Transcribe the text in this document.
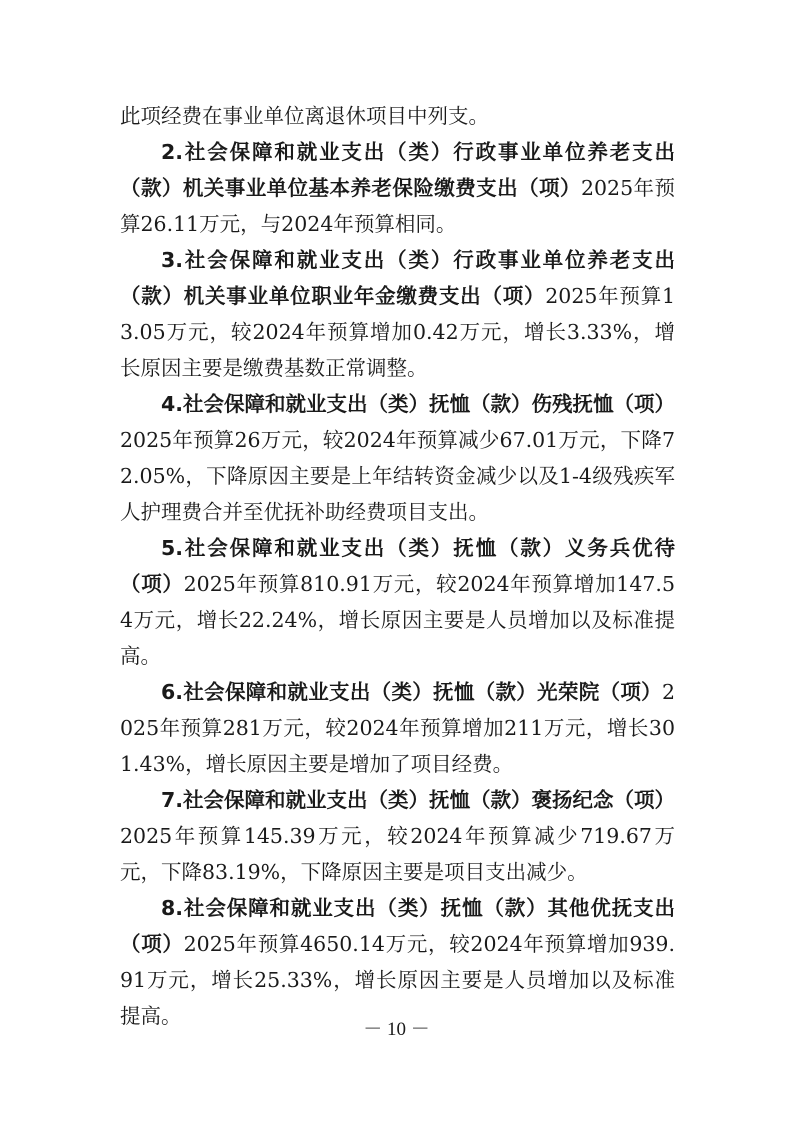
此项经费在事业单位离退休项目中列支。

2.社会保障和就业支出（类）行政事业单位养老支出（款）机关事业单位基本养老保险缴费支出（项）2025年预算26.11万元，与2024年预算相同。

3.社会保障和就业支出（类）行政事业单位养老支出（款）机关事业单位职业年金缴费支出（项）2025年预算13.05万元，较2024年预算增加0.42万元，增长3.33%，增长原因主要是缴费基数正常调整。

4.社会保障和就业支出（类）抚恤（款）伤残抚恤（项）2025年预算26万元，较2024年预算减少67.01万元，下降72.05%，下降原因主要是上年结转资金减少以及1-4级残疾军人护理费合并至优抚补助经费项目支出。

5.社会保障和就业支出（类）抚恤（款）义务兵优待（项）2025年预算810.91万元，较2024年预算增加147.54万元，增长22.24%，增长原因主要是人员增加以及标准提高。

6.社会保障和就业支出（类）抚恤（款）光荣院（项）2025年预算281万元，较2024年预算增加211万元，增长301.43%，增长原因主要是增加了项目经费。

7.社会保障和就业支出（类）抚恤（款）褒扬纪念（项）2025年预算145.39万元，较2024年预算减少719.67万元，下降83.19%，下降原因主要是项目支出减少。

8.社会保障和就业支出（类）抚恤（款）其他优抚支出（项）2025年预算4650.14万元，较2024年预算增加939.91万元，增长25.33%，增长原因主要是人员增加以及标准提高。

－ 10 －
